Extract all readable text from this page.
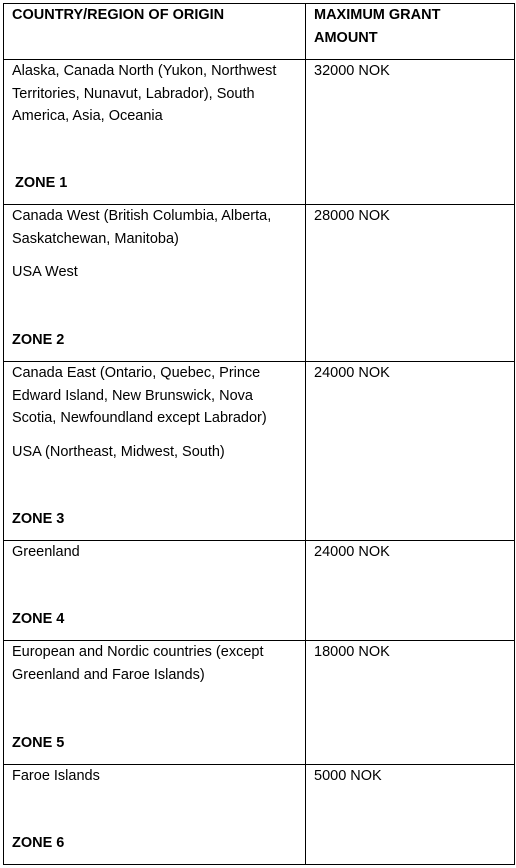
COUNTRY/REGION OF ORIGIN	MAXIMUM GRANT
AMOUNT

Alaska, Canada North (Yukon, Northwest Territories, Nunavut, Labrador), South America, Asia, Oceania
ZONE 1	32000 NOK

Canada West (British Columbia, Alberta, Saskatchewan, Manitoba)
USA West
ZONE 2	28000 NOK

Canada East (Ontario, Quebec, Prince Edward Island, New Brunswick, Nova Scotia, Newfoundland except Labrador)
USA (Northeast, Midwest, South)
ZONE 3	24000 NOK

Greenland
ZONE 4	24000 NOK

European and Nordic countries (except Greenland and Faroe Islands)
ZONE 5	18000 NOK

Faroe Islands
ZONE 6	5000 NOK
